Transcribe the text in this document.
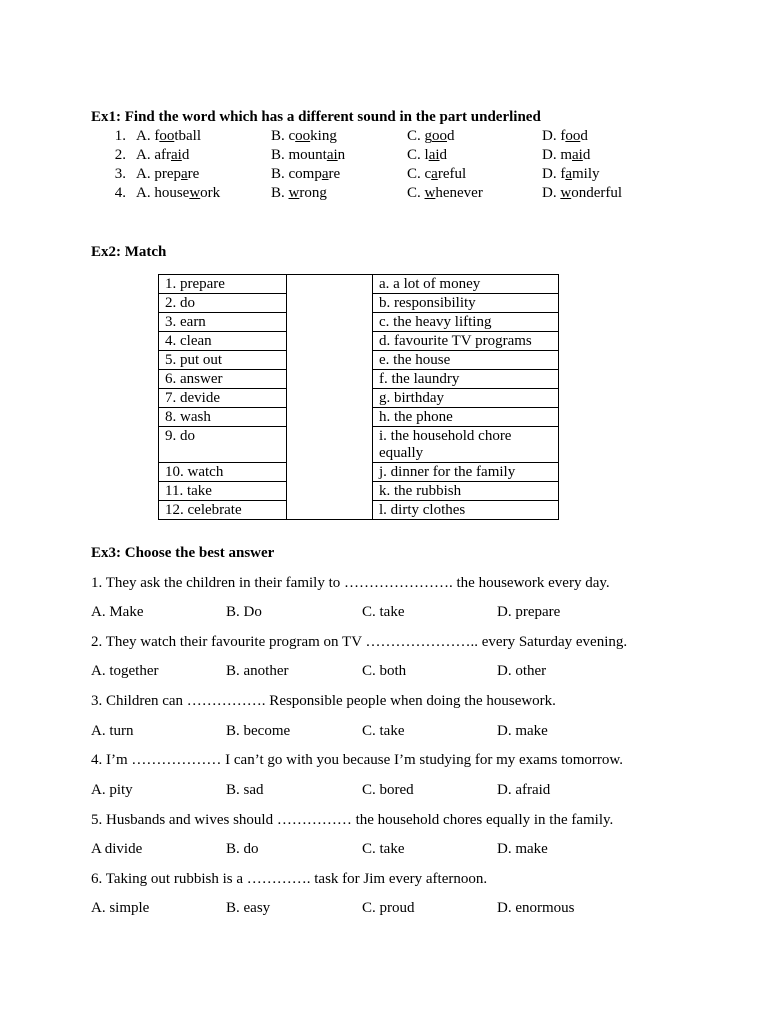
Ex1: Find the word which has a different sound in the part underlined
1. A. football	B. cooking	C. good	D. food
2. A. afraid	B. mountain	C. laid	D. maid
3. A. prepare	B. compare	C. careful	D. family
4. A. housework	B. wrong	C. whenever	D. wonderful
Ex2: Match
1. prepare		a. a lot of money
2. do		b. responsibility
3. earn		c. the heavy lifting
4. clean		d. favourite TV programs
5. put out		e. the house
6. answer		f. the laundry
7. devide		g. birthday
8. wash		h. the phone
9. do		i. the household chore equally
10. watch		j. dinner for the family
11. take		k. the rubbish
12. celebrate		l. dirty clothes
Ex3: Choose the best answer
1. They ask the children in their family to …………………. the housework every day.
A. Make	B. Do	C. take	D. prepare
2. They watch their favourite program on TV ………………….. every Saturday evening.
A. together	B. another	C. both	D. other
3. Children can ……………. Responsible people when doing the housework.
A. turn	B. become	C. take	D. make
4. I’m ……………… I can’t go with you because I’m studying for my exams tomorrow.
A. pity	B. sad	C. bored	D. afraid
5. Husbands and wives should …………… the household chores equally in the family.
A divide	B. do	C. take	D. make
6. Taking out rubbish is a …………. task for Jim every afternoon.
A. simple	B. easy	C. proud	D. enormous
